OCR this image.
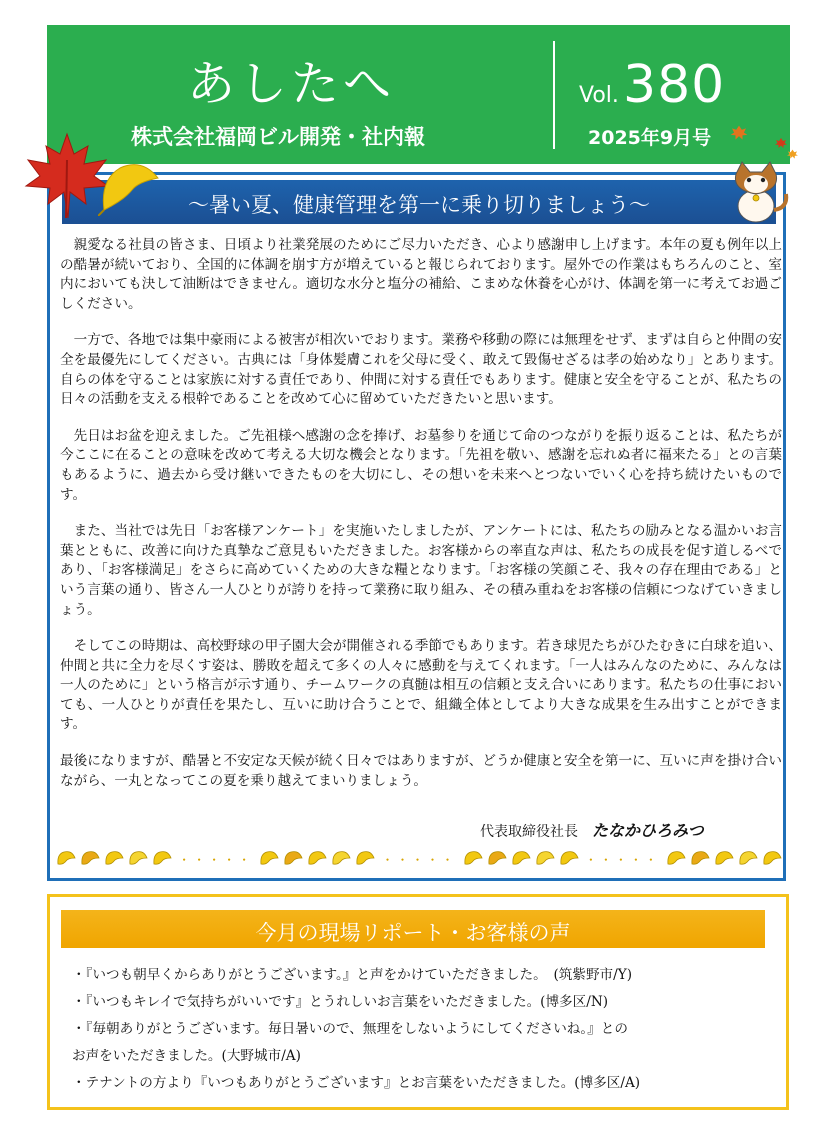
あしたへ
株式会社福岡ビル開発・社内報
Vol. 380
2025年9月号
～暑い夏、健康管理を第一に乗り切りましょう～

親愛なる社員の皆さま、日頃より社業発展のためにご尽力いただき、心より感謝申し上げます。本年の夏も例年以上の酷暑が続いており、全国的に体調を崩す方が増えていると報じられております。屋外での作業はもちろんのこと、室内においても決して油断はできません。適切な水分と塩分の補給、こまめな休養を心がけ、体調を第一に考えてお過ごしください。

一方で、各地では集中豪雨による被害が相次いでおります。業務や移動の際には無理をせず、まずは自らと仲間の安全を最優先にしてください。古典には「身体髪膚これを父母に受く、敢えて毀傷せざるは孝の始めなり」とあります。自らの体を守ることは家族に対する責任であり、仲間に対する責任でもあります。健康と安全を守ることが、私たちの日々の活動を支える根幹であることを改めて心に留めていただきたいと思います。

先日はお盆を迎えました。ご先祖様へ感謝の念を捧げ、お墓参りを通じて命のつながりを振り返ることは、私たちが今ここに在ることの意味を改めて考える大切な機会となります。「先祖を敬い、感謝を忘れぬ者に福来たる」との言葉もあるように、過去から受け継いできたものを大切にし、その想いを未来へとつないでいく心を持ち続けたいものです。

また、当社では先日「お客様アンケート」を実施いたしましたが、アンケートには、私たちの励みとなる温かいお言葉とともに、改善に向けた真摯なご意見もいただきました。お客様からの率直な声は、私たちの成長を促す道しるべであり、「お客様満足」をさらに高めていくための大きな糧となります。「お客様の笑顔こそ、我々の存在理由である」という言葉の通り、皆さん一人ひとりが誇りを持って業務に取り組み、その積み重ねをお客様の信頼につなげていきましょう。

そしてこの時期は、高校野球の甲子園大会が開催される季節でもあります。若き球児たちがひたむきに白球を追い、仲間と共に全力を尽くす姿は、勝敗を超えて多くの人々に感動を与えてくれます。「一人はみんなのために、みんなは一人のために」という格言が示す通り、チームワークの真髄は相互の信頼と支え合いにあります。私たちの仕事においても、一人ひとりが責任を果たし、互いに助け合うことで、組織全体としてより大きな成果を生み出すことができます。

最後になりますが、酷暑と不安定な天候が続く日々ではありますが、どうか健康と安全を第一に、互いに声を掛け合いながら、一丸となってこの夏を乗り越えてまいりましょう。

代表取締役社長 たなかひろみつ
・・・・・	・・・・・	・・・・・
今月の現場リポート・お客様の声
・『いつも朝早くからありがとうございます。』と声をかけていただきました。　(筑紫野市/Y)
・『いつもキレイで気持ちがいいです』とうれしいお言葉をいただきました。(博多区/N)
・『毎朝ありがとうございます。毎日暑いので、無理をしないようにしてくださいね。』との
お声をいただきました。(大野城市/A)
・テナントの方より『いつもありがとうございます』とお言葉をいただきました。(博多区/A)
